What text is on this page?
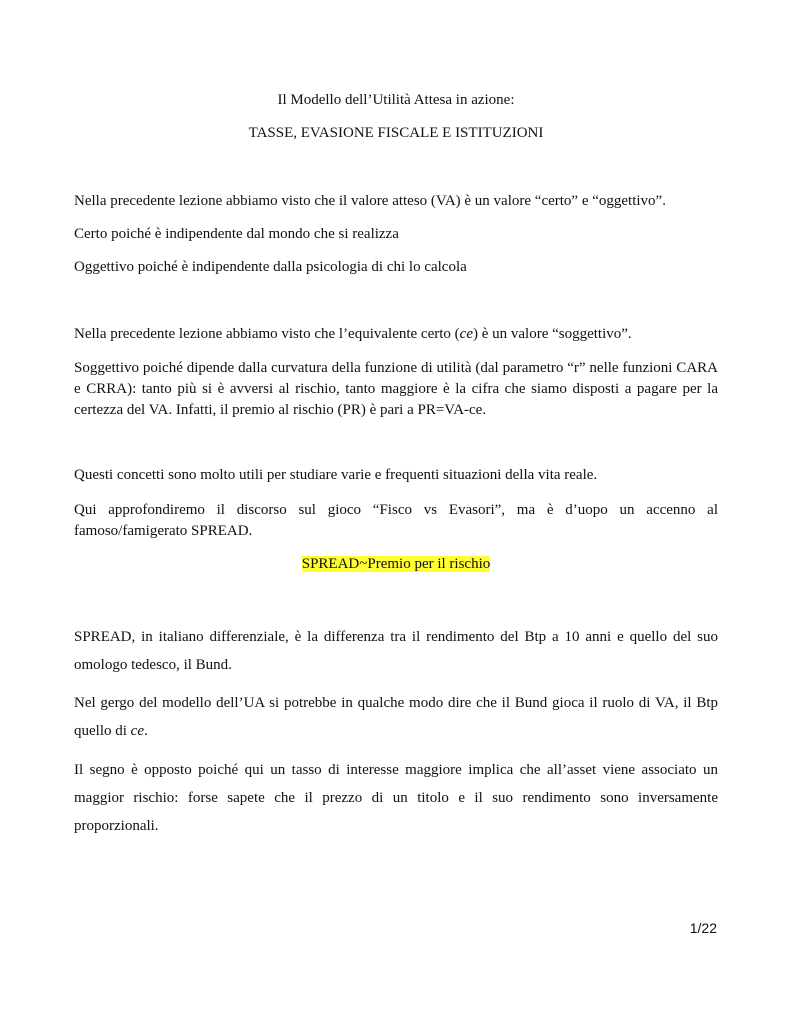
Il Modello dell’Utilità Attesa in azione:
TASSE, EVASIONE FISCALE E ISTITUZIONI
Nella precedente lezione abbiamo visto che il valore atteso (VA) è un valore “certo” e “oggettivo”.
Certo poiché è indipendente dal mondo che si realizza
Oggettivo poiché è indipendente dalla psicologia di chi lo calcola
Nella precedente lezione abbiamo visto che l’equivalente certo (ce) è un valore “soggettivo”.
Soggettivo poiché dipende dalla curvatura della funzione di utilità (dal parametro “r” nelle funzioni CARA e CRRA): tanto più si è avversi al rischio, tanto maggiore è la cifra che siamo disposti a pagare per la certezza del VA. Infatti, il premio al rischio (PR) è pari a PR=VA-ce.
Questi concetti sono molto utili per studiare varie e frequenti situazioni della vita reale.
Qui approfondiremo il discorso sul gioco “Fisco vs Evasori”, ma è d’uopo un accenno al famoso/famigerato SPREAD.
SPREAD~Premio per il rischio
SPREAD, in italiano differenziale, è la differenza tra il rendimento del Btp a 10 anni e quello del suo omologo tedesco, il Bund.
Nel gergo del modello dell’UA si potrebbe in qualche modo dire che il Bund gioca il ruolo di VA, il Btp quello di ce.
Il segno è opposto poiché qui un tasso di interesse maggiore implica che all’asset viene associato un maggior rischio: forse sapete che il prezzo di un titolo e il suo rendimento sono inversamente proporzionali.
1/22
